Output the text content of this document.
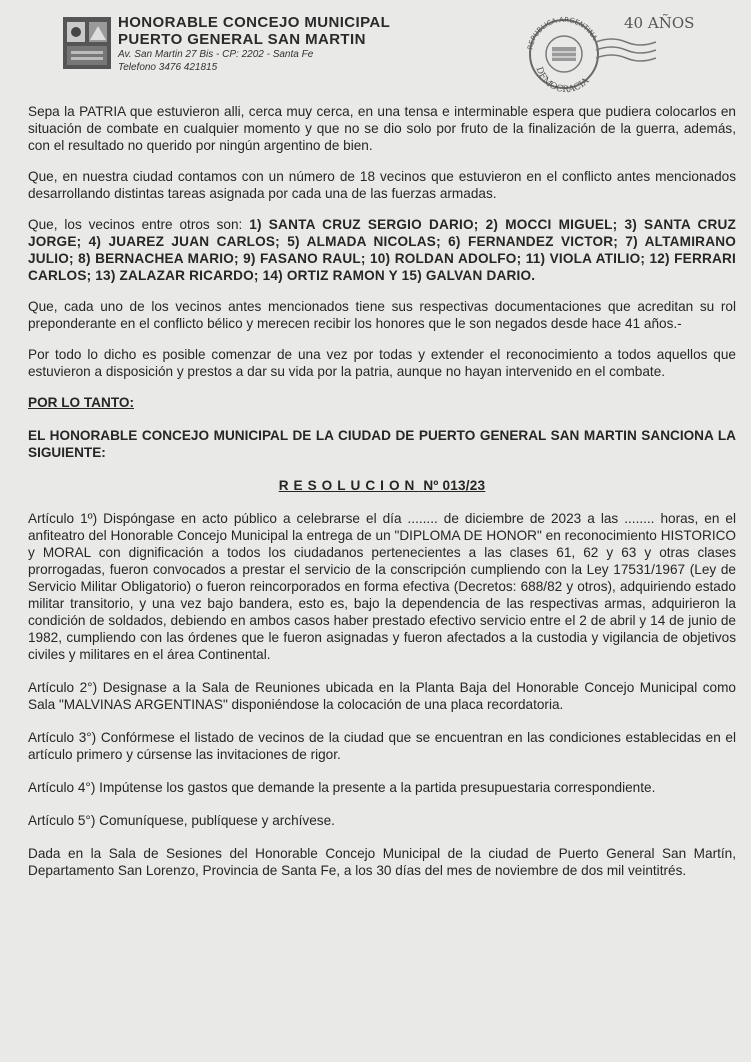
HONORABLE CONCEJO MUNICIPAL
PUERTO GENERAL SAN MARTIN
Av. San Martin 27 Bis - CP: 2202 - Santa Fe
Telefono 3476 421815
REPUBLICA ARGENTINA
DEMOCRACIA
40 AÑOS

Sepa la PATRIA que estuvieron alli, cerca muy cerca, en una tensa e interminable espera que pudiera colocarlos en situación de combate en cualquier momento y que no se dio solo por fruto de la finalización de la guerra, además, con el resultado no querido por ningún argentino de bien.

Que, en nuestra ciudad contamos con un número de 18 vecinos que estuvieron en el conflicto antes mencionados desarrollando distintas tareas asignada por cada una de las fuerzas armadas.

Que, los vecinos entre otros son: 1) SANTA CRUZ SERGIO DARIO; 2) MOCCI MIGUEL; 3) SANTA CRUZ JORGE; 4) JUAREZ JUAN CARLOS; 5) ALMADA NICOLAS; 6) FERNANDEZ VICTOR; 7) ALTAMIRANO JULIO; 8) BERNACHEA MARIO; 9) FASANO RAUL; 10) ROLDAN ADOLFO; 11) VIOLA ATILIO; 12) FERRARI CARLOS; 13) ZALAZAR RICARDO; 14) ORTIZ RAMON Y 15) GALVAN DARIO.

Que, cada uno de los vecinos antes mencionados tiene sus respectivas documentaciones que acreditan su rol preponderante en el conflicto bélico y merecen recibir los honores que le son negados desde hace 41 años.-

Por todo lo dicho es posible comenzar de una vez por todas y extender el reconocimiento a todos aquellos que estuvieron a disposición y prestos a dar su vida por la patria, aunque no hayan intervenido en el combate.

POR LO TANTO:

EL HONORABLE CONCEJO MUNICIPAL DE LA CIUDAD DE PUERTO GENERAL SAN MARTIN SANCIONA LA SIGUIENTE:

RESOLUCION Nº 013/23

Artículo 1º) Dispóngase en acto público a celebrarse el día ........ de diciembre de 2023 a las ........ horas, en el anfiteatro del Honorable Concejo Municipal la entrega de un "DIPLOMA DE HONOR" en reconocimiento HISTORICO y MORAL con dignificación a todos los ciudadanos pertenecientes a las clases 61, 62 y 63 y otras clases prorrogadas, fueron convocados a prestar el servicio de la conscripción cumpliendo con la Ley 17531/1967 (Ley de Servicio Militar Obligatorio) o fueron reincorporados en forma efectiva (Decretos: 688/82 y otros), adquiriendo estado militar transitorio, y una vez bajo bandera, esto es, bajo la dependencia de las respectivas armas, adquirieron la condición de soldados, debiendo en ambos casos haber prestado efectivo servicio entre el 2 de abril y 14 de junio de 1982, cumpliendo con las órdenes que le fueron asignadas y fueron afectados a la custodia y vigilancia de objetivos civiles y militares en el área Continental.

Artículo 2°) Designase a la Sala de Reuniones ubicada en la Planta Baja del Honorable Concejo Municipal como Sala "MALVINAS ARGENTINAS" disponiéndose la colocación de una placa recordatoria.

Artículo 3°) Confórmese el listado de vecinos de la ciudad que se encuentran en las condiciones establecidas en el artículo primero y cúrsense las invitaciones de rigor.

Artículo 4°) Impútense los gastos que demande la presente a la partida presupuestaria correspondiente.

Artículo 5°) Comuníquese, publíquese y archívese.

Dada en la Sala de Sesiones del Honorable Concejo Municipal de la ciudad de Puerto General San Martín, Departamento San Lorenzo, Provincia de Santa Fe, a los 30 días del mes de noviembre de dos mil veintitrés.
